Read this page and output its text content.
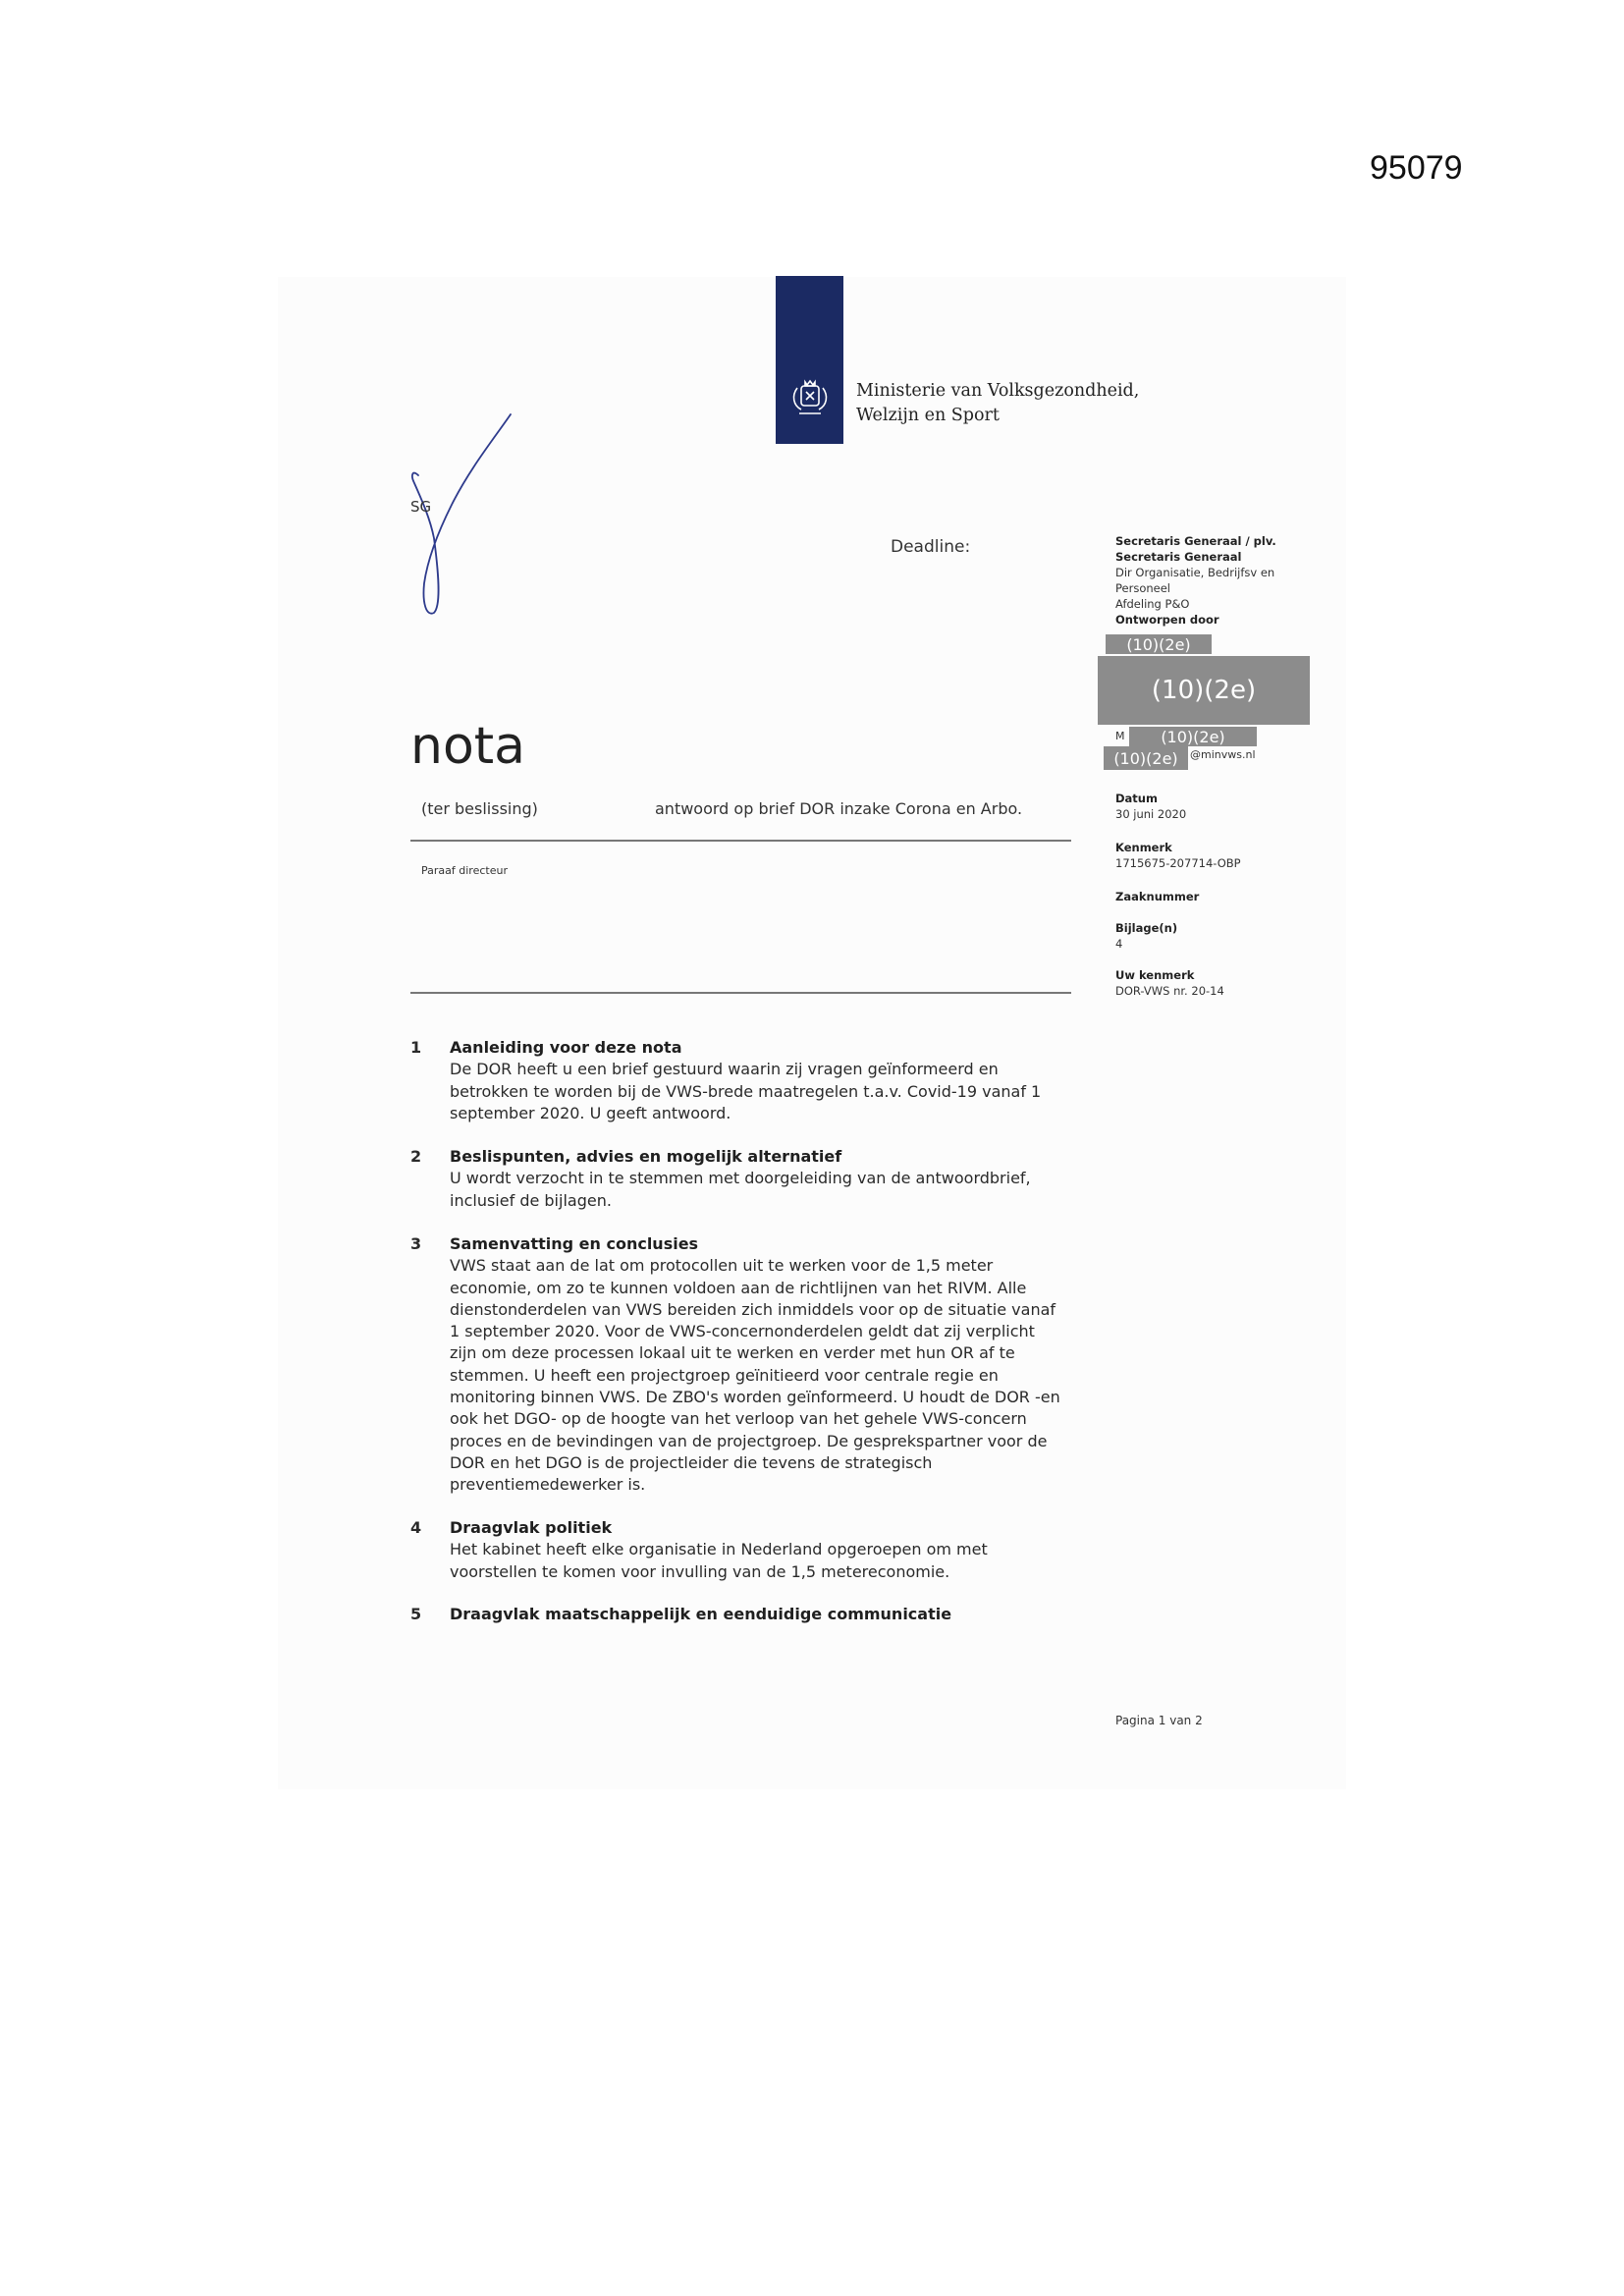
95079
Ministerie van Volksgezondheid,
Welzijn en Sport
SG
Deadline:	Secretaris Generaal / plv.
Secretaris Generaal
Dir Organisatie, Bedrijfsv en
Personeel
Afdeling P&O
Ontworpen door
(10)(2e)
(10)(2e)
M	(10)(2e)
(10)(2e)	@minvws.nl
Datum
30 juni 2020
Kenmerk
1715675-207714-OBP
Zaaknummer
Bijlage(n)
4
Uw kenmerk
DOR-VWS nr. 20-14
nota
(ter beslissing)	antwoord op brief DOR inzake Corona en Arbo.
Paraaf directeur
1 Aanleiding voor deze nota
De DOR heeft u een brief gestuurd waarin zij vragen geïnformeerd en
betrokken te worden bij de VWS-brede maatregelen t.a.v. Covid-19 vanaf 1
september 2020. U geeft antwoord.
2 Beslispunten, advies en mogelijk alternatief
U wordt verzocht in te stemmen met doorgeleiding van de antwoordbrief,
inclusief de bijlagen.
3 Samenvatting en conclusies
VWS staat aan de lat om protocollen uit te werken voor de 1,5 meter
economie, om zo te kunnen voldoen aan de richtlijnen van het RIVM. Alle
dienstonderdelen van VWS bereiden zich inmiddels voor op de situatie vanaf
1 september 2020. Voor de VWS-concernonderdelen geldt dat zij verplicht
zijn om deze processen lokaal uit te werken en verder met hun OR af te
stemmen. U heeft een projectgroep geïnitieerd voor centrale regie en
monitoring binnen VWS. De ZBO's worden geïnformeerd. U houdt de DOR -en
ook het DGO- op de hoogte van het verloop van het gehele VWS-concern
proces en de bevindingen van de projectgroep. De gesprekspartner voor de
DOR en het DGO is de projectleider die tevens de strategisch
preventiemedewerker is.
4 Draagvlak politiek
Het kabinet heeft elke organisatie in Nederland opgeroepen om met
voorstellen te komen voor invulling van de 1,5 metereconomie.
5 Draagvlak maatschappelijk en eenduidige communicatie
Pagina 1 van 2
